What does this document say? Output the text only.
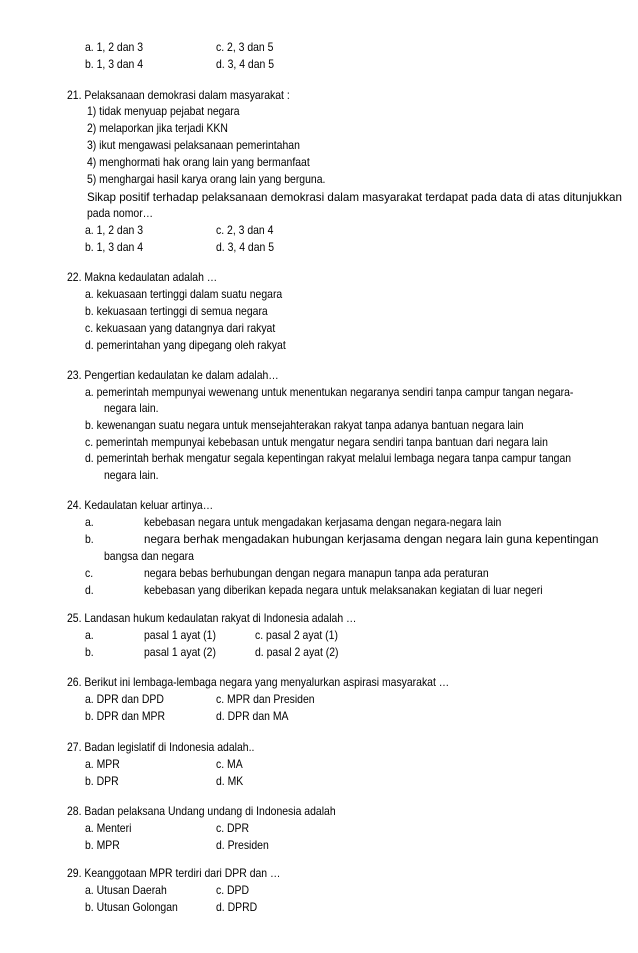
a. 1, 2 dan 3	c. 2, 3 dan 5
b. 1, 3 dan 4	d. 3, 4 dan 5
21. Pelaksanaan demokrasi dalam masyarakat :
1) tidak menyuap pejabat negara
2) melaporkan jika terjadi KKN
3) ikut mengawasi pelaksanaan pemerintahan
4) menghormati hak orang lain yang bermanfaat
5) menghargai hasil karya orang lain yang berguna.
Sikap positif terhadap pelaksanaan demokrasi dalam masyarakat terdapat pada data di atas ditunjukkan
pada nomor…
a. 1, 2 dan 3	c. 2, 3 dan 4
b. 1, 3 dan 4	d. 3, 4 dan 5
22. Makna kedaulatan adalah …
a. kekuasaan tertinggi dalam suatu negara
b. kekuasaan tertinggi di semua negara
c. kekuasaan yang datangnya dari rakyat
d. pemerintahan yang dipegang oleh rakyat
23. Pengertian kedaulatan ke dalam adalah…
a. pemerintah mempunyai wewenang untuk menentukan negaranya sendiri tanpa campur tangan negara-
negara lain.
b. kewenangan suatu negara untuk mensejahterakan rakyat tanpa adanya bantuan negara lain
c. pemerintah mempunyai kebebasan untuk mengatur negara sendiri tanpa bantuan dari negara lain
d. pemerintah berhak mengatur segala kepentingan rakyat melalui lembaga negara tanpa campur tangan
negara lain.
24. Kedaulatan keluar artinya…
a.	kebebasan negara untuk mengadakan kerjasama dengan negara-negara lain
b.	negara berhak mengadakan hubungan kerjasama dengan negara lain guna kepentingan
bangsa dan negara
c.	negara bebas berhubungan dengan negara manapun tanpa ada peraturan
d.	kebebasan yang diberikan kepada negara untuk melaksanakan kegiatan di luar negeri
25. Landasan hukum kedaulatan rakyat di Indonesia adalah …
a.	pasal 1 ayat (1)	c. pasal 2 ayat (1)
b.	pasal 1 ayat (2)	d. pasal 2 ayat (2)
26. Berikut ini lembaga-lembaga negara yang menyalurkan aspirasi masyarakat …
a. DPR dan DPD	c. MPR dan Presiden
b. DPR dan MPR	d. DPR dan MA
27. Badan legislatif di Indonesia adalah..
a. MPR	c. MA
b. DPR	d. MK
28. Badan pelaksana Undang undang di Indonesia adalah
a. Menteri	c. DPR
b. MPR	d. Presiden
29. Keanggotaan MPR terdiri dari DPR dan …
a. Utusan Daerah	c. DPD
b. Utusan Golongan	d. DPRD
